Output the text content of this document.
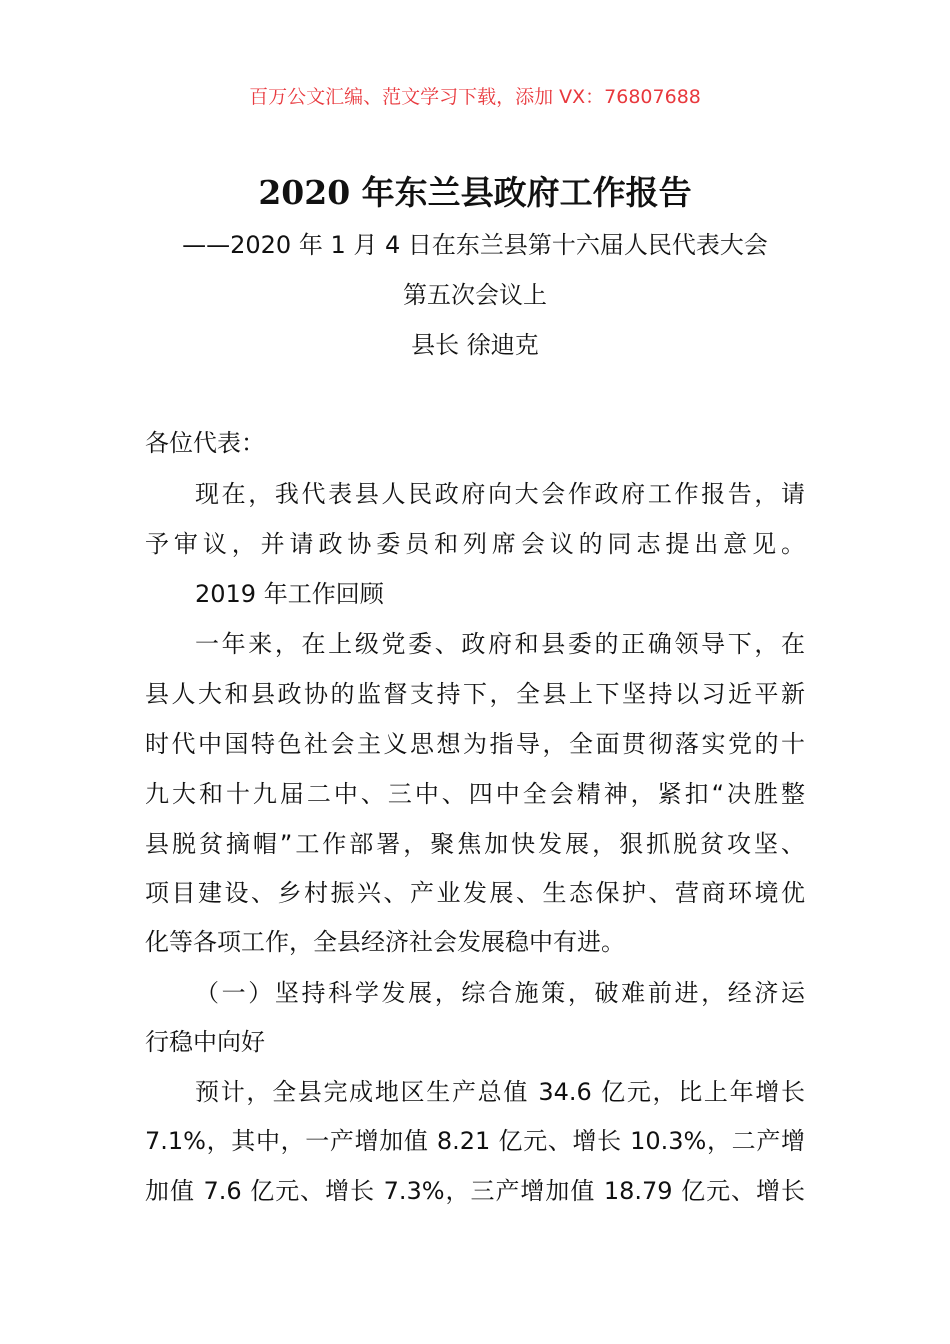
百万公文汇编、范文学习下载，添加 VX：76807688
2020 年东兰县政府工作报告
——2020 年 1 月 4 日在东兰县第十六届人民代表大会
第五次会议上
县长 徐迪克
各位代表：
现在，我代表县人民政府向大会作政府工作报告，请
予审议，并请政协委员和列席会议的同志提出意见。
2019 年工作回顾
一年来，在上级党委、政府和县委的正确领导下，在
县人大和县政协的监督支持下，全县上下坚持以习近平新
时代中国特色社会主义思想为指导，全面贯彻落实党的十
九大和十九届二中、三中、四中全会精神，紧扣“决胜整
县脱贫摘帽”工作部署，聚焦加快发展，狠抓脱贫攻坚、
项目建设、乡村振兴、产业发展、生态保护、营商环境优
化等各项工作，全县经济社会发展稳中有进。
（一）坚持科学发展，综合施策，破难前进，经济运
行稳中向好
预计，全县完成地区生产总值 34.6 亿元，比上年增长
7.1%，其中，一产增加值 8.21 亿元、增长 10.3%，二产增
加值 7.6 亿元、增长 7.3%，三产增加值 18.79 亿元、增长
